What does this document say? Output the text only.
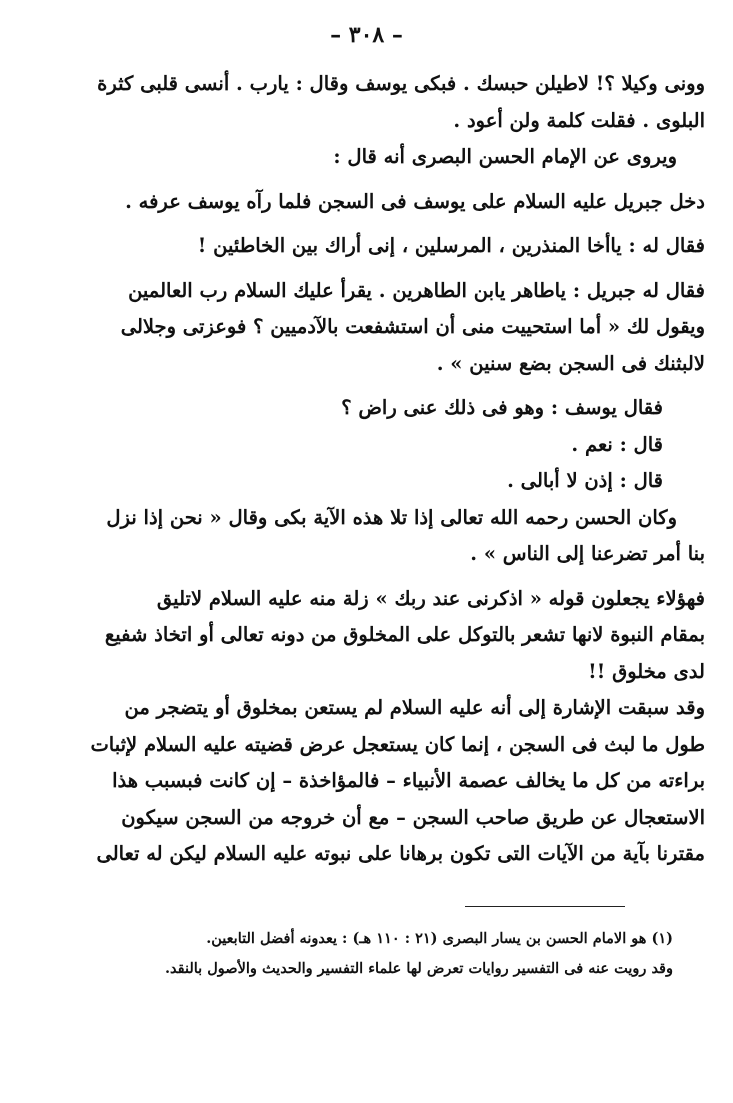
– ٣٠٨ –
وونى وكيلا ؟! لاطيلن حبسك . فبكى يوسف وقال : يارب . أنسى قلبى كثرة
البلوى . فقلت كلمة ولن أعود .
ويروى عن الإمام الحسن البصرى أنه قال :
دخل جبريل عليه السلام على يوسف فى السجن فلما رآه يوسف عرفه .
فقال له : ياأخا المنذرين ، المرسلين ، إنى أراك بين الخاطئين !
فقال له جبريل : ياطاهر يابن الطاهرين . يقرأ عليك السلام رب العالمين
ويقول لك « أما استحييت منى أن استشفعت بالآدميين ؟ فوعزتى وجلالى
لالبثنك فى السجن بضع سنين » .
فقال يوسف : وهو فى ذلك عنى راض ؟
قال : نعم .
قال : إذن لا أبالى .
وكان الحسن رحمه الله تعالى إذا تلا هذه الآية بكى وقال « نحن إذا نزل
بنا أمر تضرعنا إلى الناس » .
فهؤلاء يجعلون قوله « اذكرنى عند ربك » زلة منه عليه السلام لاتليق
بمقام النبوة لانها تشعر بالتوكل على المخلوق من دونه تعالى أو اتخاذ شفيع
لدى مخلوق !!
وقد سبقت الإشارة إلى أنه عليه السلام لم يستعن بمخلوق أو يتضجر من
طول ما لبث فى السجن ، إنما كان يستعجل عرض قضيته عليه السلام لإثبات
براءته من كل ما يخالف عصمة الأنبياء – فالمؤاخذة – إن كانت فبسبب هذا
الاستعجال عن طريق صاحب السجن – مع أن خروجه من السجن سيكون
مقترنا بآية من الآيات التى تكون برهانا على نبوته عليه السلام ليكن له تعالى
(١) هو الامام الحسن بن يسار البصرى (٢١ : ١١٠ هـ) : يعدونه أفضل التابعين.
وقد رويت عنه فى التفسير روايات تعرض لها علماء التفسير والحديث والأصول بالنقد.
